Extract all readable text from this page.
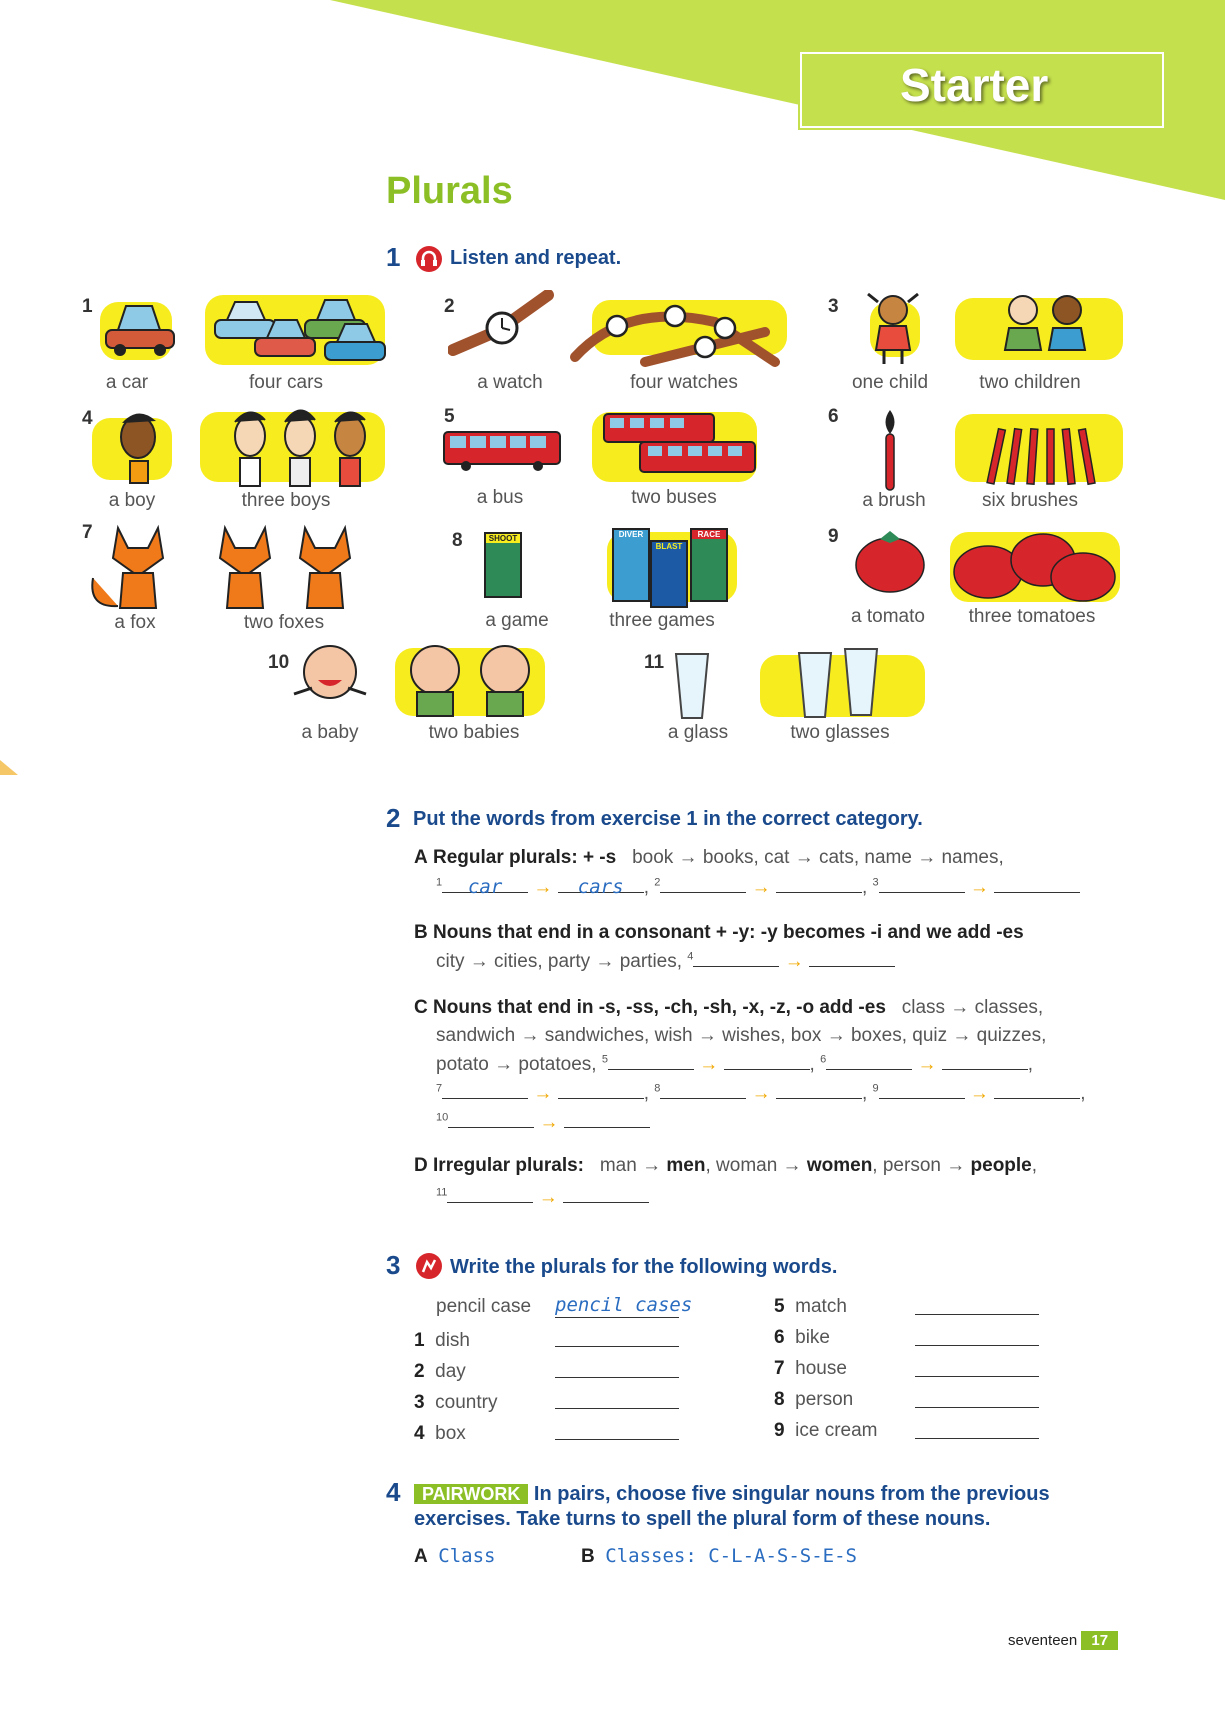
Starter
Plurals
1 Listen and repeat.
1
a car	four cars
2
a watch	four watches
3
one child	two children
4
a boy	three boys
5
a bus	two buses
6
a brush	six brushes
7
a fox	two foxes
8	SHOOT	DIVER
BLAST
RACE
a game	three games
9
a tomato	three tomatoes
10
a baby	two babies
11
a glass	two glasses
2 Put the words from exercise 1 in the correct category.
A Regular plurals: + -s book → books, cat → cats, name → names,
$^1$ car → cars , $^2$	→	, $^3$	→
B Nouns that end in a consonant + -y: -y becomes -i and we add -es
city → cities, party → parties, $^4$	→
C Nouns that end in -s, -ss, -ch, -sh, -x, -z, -o add -es class → classes,
sandwich → sandwiches, wish → wishes, box → boxes, quiz → quizzes,
potato → potatoes, $^5$	→	, $^6$	→	,
$^7$	→	, $^8$	→	, $^9$	→	,
$^{10}$	→
D Irregular plurals: man → men, woman → women, person → people,
$^{11}$	→
3 Write the plurals for the following words.
pencil case pencil cases
1 dish
2 day
3 country
4 box
5 match
6 bike
7 house
8 person
9 ice cream
4	PAIRWORK In pairs, choose five singular nouns from the previous
exercises. Take turns to spell the plural form of these nouns.
A Class	B Classes: C-L-A-S-S-E-S
seventeen 17
